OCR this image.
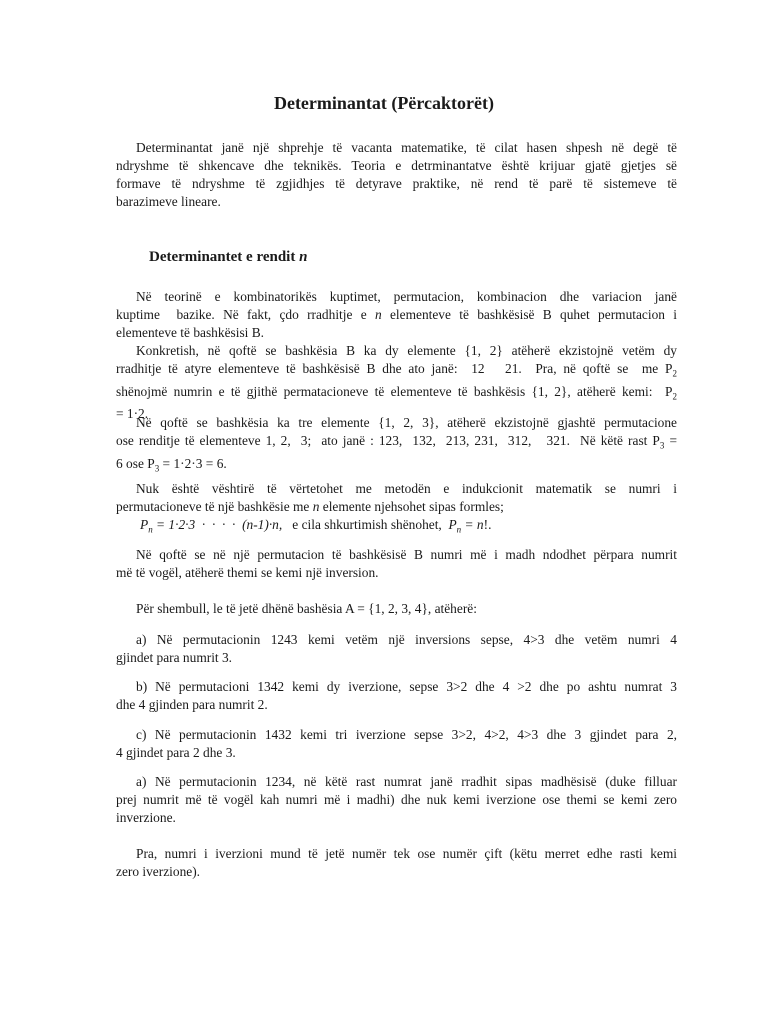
Determinantat (Përcaktorët)
Determinantat janë një shprehje të vacanta matematike, të cilat hasen shpesh në degë të
ndryshme të shkencave dhe teknikës. Teoria e detrminantatve është krijuar gjatë gjetjes së
formave të ndryshme të zgjidhjes të detyrave praktike, në rend të parë të sistemeve të
barazimeve lineare.
Determinantet e rendit n
Në teorinë e kombinatorikës kuptimet, permutacion, kombinacion dhe variacion janë
kuptime  bazike. Në fakt, çdo rradhitje e n elementeve të bashkësisë B quhet permutacion i
elementeve të bashkësisi B.
Konkretish, në qoftë se bashkësia B ka dy elemente {1, 2} atëherë ekzistojnë vetëm dy
rradhitje të atyre elementeve të bashkësisë B dhe ato janë:  12   21.  Pra, në qoftë se  me $P_2$
shënojmë numrin e të gjithë permatacioneve të elementeve të bashkësis {1, 2}, atëherë kemi:  $P_2$
= 1·2.
Në qoftë se bashkësia ka tre elemente {1, 2, 3}, atëherë ekzistojnë gjashtë permutacione
ose renditje të elementeve 1, 2,  3;  ato janë : 123,  132,  213, 231,  312,   321.  Në këtë rast $P_3$ =
6 ose $P_3 = 1\cdot 2\cdot 3 = 6$.
Nuk është vështirë të vërtetohet me metodën e indukcionit matematik se numri i
permutacioneve të një bashkësie me n elemente njehsohet sipas formles;
$P_n = 1\cdot 2\cdot 3$  ·  ·  ·  ·  (n-1)·n,   e cila shkurtimish shënohet,  $P_n = n$!.
Në qoftë se në një permutacion të bashkësisë B numri më i madh ndodhet përpara numrit
më të vogël, atëherë themi se kemi një inversion.
Për shembull, le të jetë dhënë bashësia A = {1, 2, 3, 4}, atëherë:
a) Në permutacionin 1243 kemi vetëm një inversions sepse, 4>3 dhe vetëm numri 4
gjindet para numrit 3.
b) Në permutacioni 1342 kemi dy iverzione, sepse 3>2 dhe 4 >2 dhe po ashtu numrat 3
dhe 4 gjinden para numrit 2.
c) Në permutacionin 1432 kemi tri iverzione sepse 3>2, 4>2, 4>3 dhe 3 gjindet para 2,
4 gjindet para 2 dhe 3.
a) Në permutacionin 1234, në këtë rast numrat janë rradhit sipas madhësisë (duke filluar
prej numrit më të vogël kah numri më i madhi) dhe nuk kemi iverzione ose themi se kemi zero
inverzione.
Pra, numri i iverzioni mund të jetë numër tek ose numër çift (këtu merret edhe rasti kemi
zero iverzione).
